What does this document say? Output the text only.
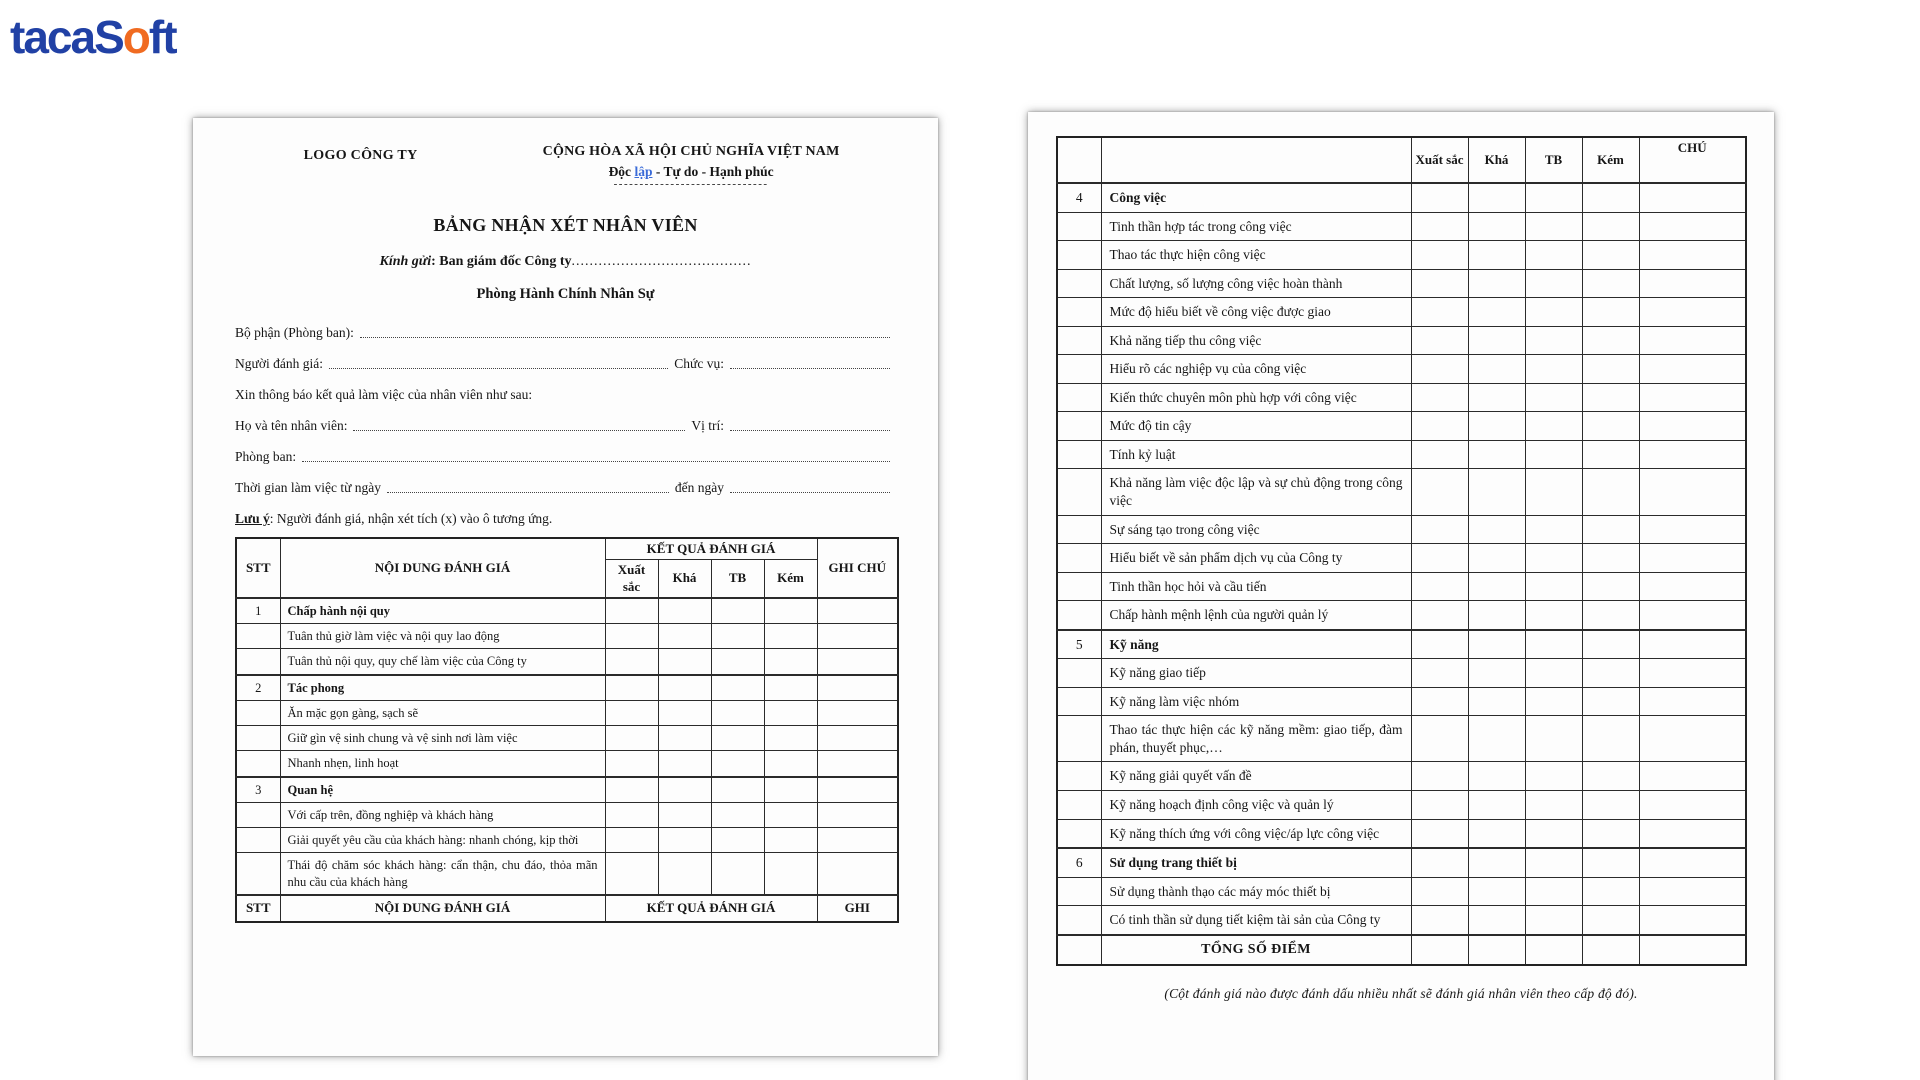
tacaSoft
LOGO CÔNG TY	CỘNG HÒA XÃ HỘI CHỦ NGHĨA VIỆT NAM
Độc lập - Tự do - Hạnh phúc
------------------------------
BẢNG NHẬN XÉT NHÂN VIÊN
Kính gửi: Ban giám đốc Công ty........................................
Phòng Hành Chính Nhân Sự
Bộ phận (Phòng ban):
Người đánh giá:	Chức vụ:
Xin thông báo kết quả làm việc của nhân viên như sau:
Họ và tên nhân viên:	Vị trí:
Phòng ban:
Thời gian làm việc từ ngày	đến ngày
Lưu ý: Người đánh giá, nhận xét tích (x) vào ô tương ứng.
STT	NỘI DUNG ĐÁNH GIÁ	KẾT QUẢ ĐÁNH GIÁ				GHI CHÚ
		Xuất sắc	Khá	TB	Kém	
1	Chấp hành nội quy					
	Tuân thủ giờ làm việc và nội quy lao động					
	Tuân thủ nội quy, quy chế làm việc của Công ty					
2	Tác phong					
	Ăn mặc gọn gàng, sạch sẽ					
	Giữ gìn vệ sinh chung và vệ sinh nơi làm việc					
	Nhanh nhẹn, linh hoạt					
3	Quan hệ					
	Với cấp trên, đồng nghiệp và khách hàng					
	Giải quyết yêu cầu của khách hàng: nhanh chóng, kịp thời					
	Thái độ chăm sóc khách hàng: cẩn thận, chu đáo, thỏa mãn nhu cầu của khách hàng					
STT	NỘI DUNG ĐÁNH GIÁ	KẾT QUẢ ĐÁNH GIÁ				GHI
		Xuất sắc	Khá	TB	Kém	CHÚ
4	Công việc					
	Tinh thần hợp tác trong công việc					
	Thao tác thực hiện công việc					
	Chất lượng, số lượng công việc hoàn thành					
	Mức độ hiểu biết về công việc được giao					
	Khả năng tiếp thu công việc					
	Hiểu rõ các nghiệp vụ của công việc					
	Kiến thức chuyên môn phù hợp với công việc					
	Mức độ tin cậy					
	Tính kỷ luật					
	Khả năng làm việc độc lập và sự chủ động trong công việc					
	Sự sáng tạo trong công việc					
	Hiểu biết về sản phẩm dịch vụ của Công ty					
	Tinh thần học hỏi và cầu tiến					
	Chấp hành mệnh lệnh của người quản lý					
5	Kỹ năng					
	Kỹ năng giao tiếp					
	Kỹ năng làm việc nhóm					
	Thao tác thực hiện các kỹ năng mềm: giao tiếp, đàm phán, thuyết phục,…					
	Kỹ năng giải quyết vấn đề					
	Kỹ năng hoạch định công việc và quản lý					
	Kỹ năng thích ứng với công việc/áp lực công việc					
6	Sử dụng trang thiết bị					
	Sử dụng thành thạo các máy móc thiết bị					
	Có tinh thần sử dụng tiết kiệm tài sản của Công ty					
	TỔNG SỐ ĐIỂM					
(Cột đánh giá nào được đánh dấu nhiều nhất sẽ đánh giá nhân viên theo cấp độ đó).
